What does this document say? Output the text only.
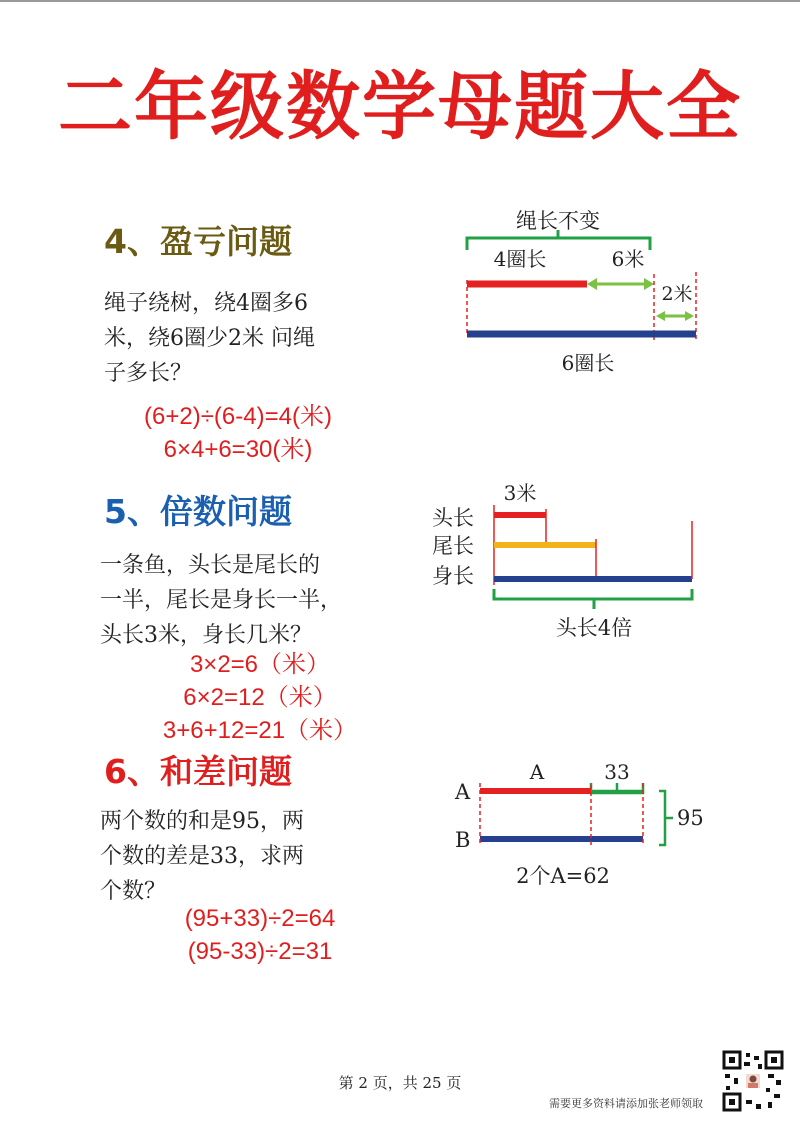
二年级数学母题大全
4、盈亏问题
绳子绕树，绕4圈多6
米，绕6圈少2米 问绳
子多长？
(6+2)÷(6-4)=4(米)
6×4+6=30(米)
绳长不变
4圈长	6米
2米
6圈长
5、倍数问题
一条鱼，头长是尾长的
一半，尾长是身长一半，
头长3米，身长几米？
3×2=6（米）
6×2=12（米）
3+6+12=21（米）
3米
头长
尾长
身长
头长4倍
6、和差问题
两个数的和是95，两
个数的差是33，求两
个数？
(95+33)÷2=64
(95-33)÷2=31
A	33
A
B
95
2个A=62
第 2 页，共 25 页
需要更多资料请添加张老师领取
